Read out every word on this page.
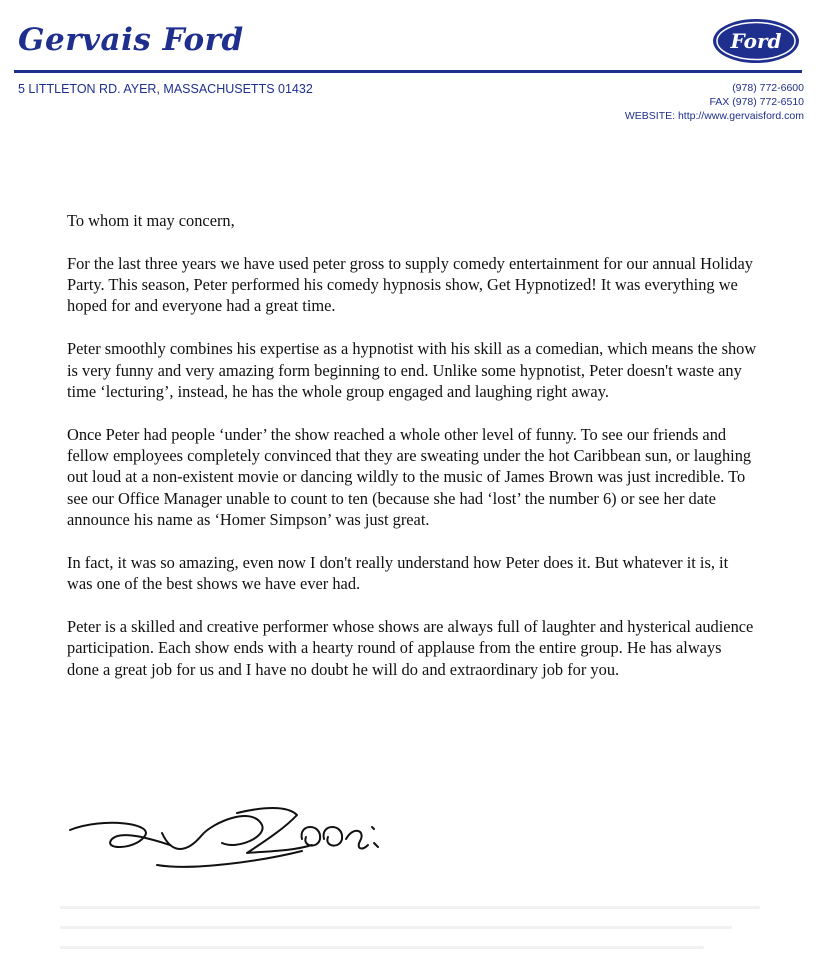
Gervais Ford	Ford
5 LITTLETON RD. AYER, MASSACHUSETTS 01432	(978) 772-6600
FAX (978) 772-6510
WEBSITE: http://www.gervaisford.com

To whom it may concern,

For the last three years we have used peter gross to supply comedy entertainment for our annual Holiday Party. This season, Peter performed his comedy hypnosis show, Get Hypnotized! It was everything we hoped for and everyone had a great time.

Peter smoothly combines his expertise as a hypnotist with his skill as a comedian, which means the show is very funny and very amazing form beginning to end. Unlike some hypnotist, Peter doesn't waste any time ‘lecturing’, instead, he has the whole group engaged and laughing right away.

Once Peter had people ‘under’ the show reached a whole other level of funny. To see our friends and fellow employees completely convinced that they are sweating under the hot Caribbean sun, or laughing out loud at a non-existent movie or dancing wildly to the music of James Brown was just incredible. To see our Office Manager unable to count to ten (because she had ‘lost’ the number 6) or see her date announce his name as ‘Homer Simpson’ was just great.

In fact, it was so amazing, even now I don't really understand how Peter does it. But whatever it is, it was one of the best shows we have ever had.

Peter is a skilled and creative performer whose shows are always full of laughter and hysterical audience participation. Each show ends with a hearty round of applause from the entire group. He has always done a great job for us and I have no doubt he will do and extraordinary job for you.
